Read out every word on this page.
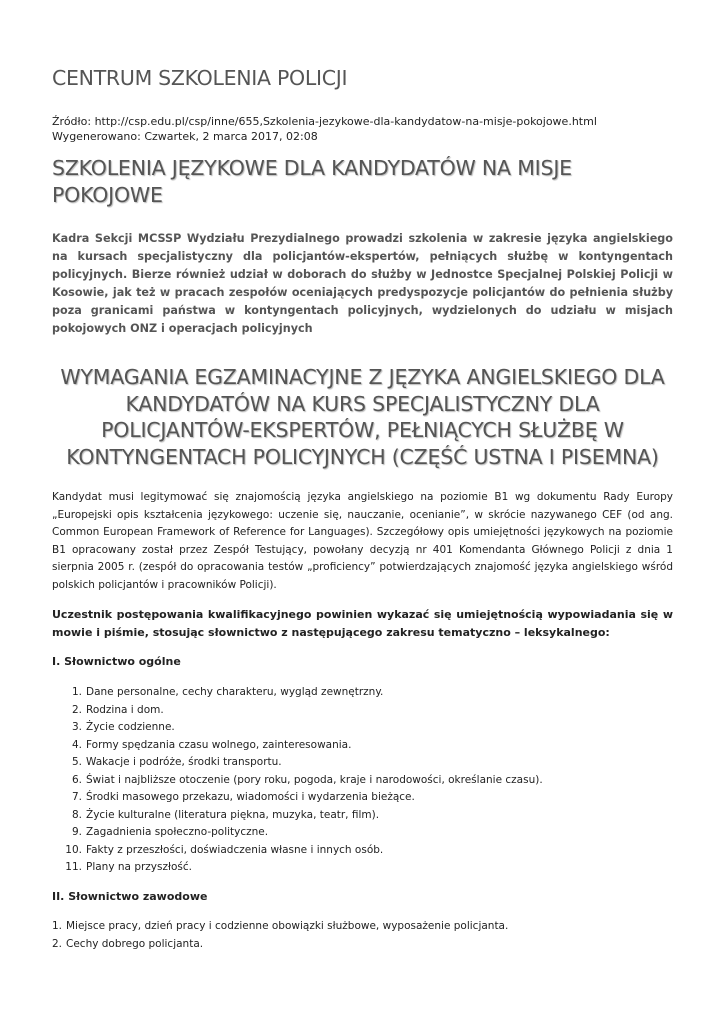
CENTRUM SZKOLENIA POLICJI
Źródło: http://csp.edu.pl/csp/inne/655,Szkolenia-jezykowe-dla-kandydatow-na-misje-pokojowe.html
Wygenerowano: Czwartek, 2 marca 2017, 02:08
SZKOLENIA JĘZYKOWE DLA KANDYDATÓW NA MISJE POKOJOWE

Kadra Sekcji MCSSP Wydziału Prezydialnego prowadzi szkolenia w zakresie języka angielskiego na kursach specjalistyczny dla policjantów-ekspertów, pełniących służbę w kontyngentach policyjnych. Bierze również udział w doborach do służby w Jednostce Specjalnej Polskiej Policji w Kosowie, jak też w pracach zespołów oceniających predyspozycje policjantów do pełnienia służby poza granicami państwa w kontyngentach policyjnych, wydzielonych do udziału w misjach pokojowych ONZ i operacjach policyjnych

WYMAGANIA EGZAMINACYJNE Z JĘZYKA ANGIELSKIEGO DLA KANDYDATÓW NA KURS SPECJALISTYCZNY DLA POLICJANTÓW-EKSPERTÓW, PEŁNIĄCYCH SŁUŻBĘ W KONTYNGENTACH POLICYJNYCH (CZĘŚĆ USTNA I PISEMNA)

Kandydat musi legitymować się znajomością języka angielskiego na poziomie B1 wg dokumentu Rady Europy „Europejski opis kształcenia językowego: uczenie się, nauczanie, ocenianie”, w skrócie nazywanego CEF (od ang. Common European Framework of Reference for Languages). Szczegółowy opis umiejętności językowych na poziomie B1 opracowany został przez Zespół Testujący, powołany decyzją nr 401 Komendanta Głównego Policji z dnia 1 sierpnia 2005 r. (zespół do opracowania testów „proficiency” potwierdzających znajomość języka angielskiego wśród polskich policjantów i pracowników Policji).

Uczestnik postępowania kwalifikacyjnego powinien wykazać się umiejętnością wypowiadania się w mowie i piśmie, stosując słownictwo z następującego zakresu tematyczno – leksykalnego:

I. Słownictwo ogólne
1. Dane personalne, cechy charakteru, wygląd zewnętrzny.
2. Rodzina i dom.
3. Życie codzienne.
4. Formy spędzania czasu wolnego, zainteresowania.
5. Wakacje i podróże, środki transportu.
6. Świat i najbliższe otoczenie (pory roku, pogoda, kraje i narodowości, określanie czasu).
7. Środki masowego przekazu, wiadomości i wydarzenia bieżące.
8. Życie kulturalne (literatura piękna, muzyka, teatr, film).
9. Zagadnienia społeczno-polityczne.
10. Fakty z przeszłości, doświadczenia własne i innych osób.
11. Plany na przyszłość.
II. Słownictwo zawodowe
1. Miejsce pracy, dzień pracy i codzienne obowiązki służbowe, wyposażenie policjanta.
2. Cechy dobrego policjanta.
